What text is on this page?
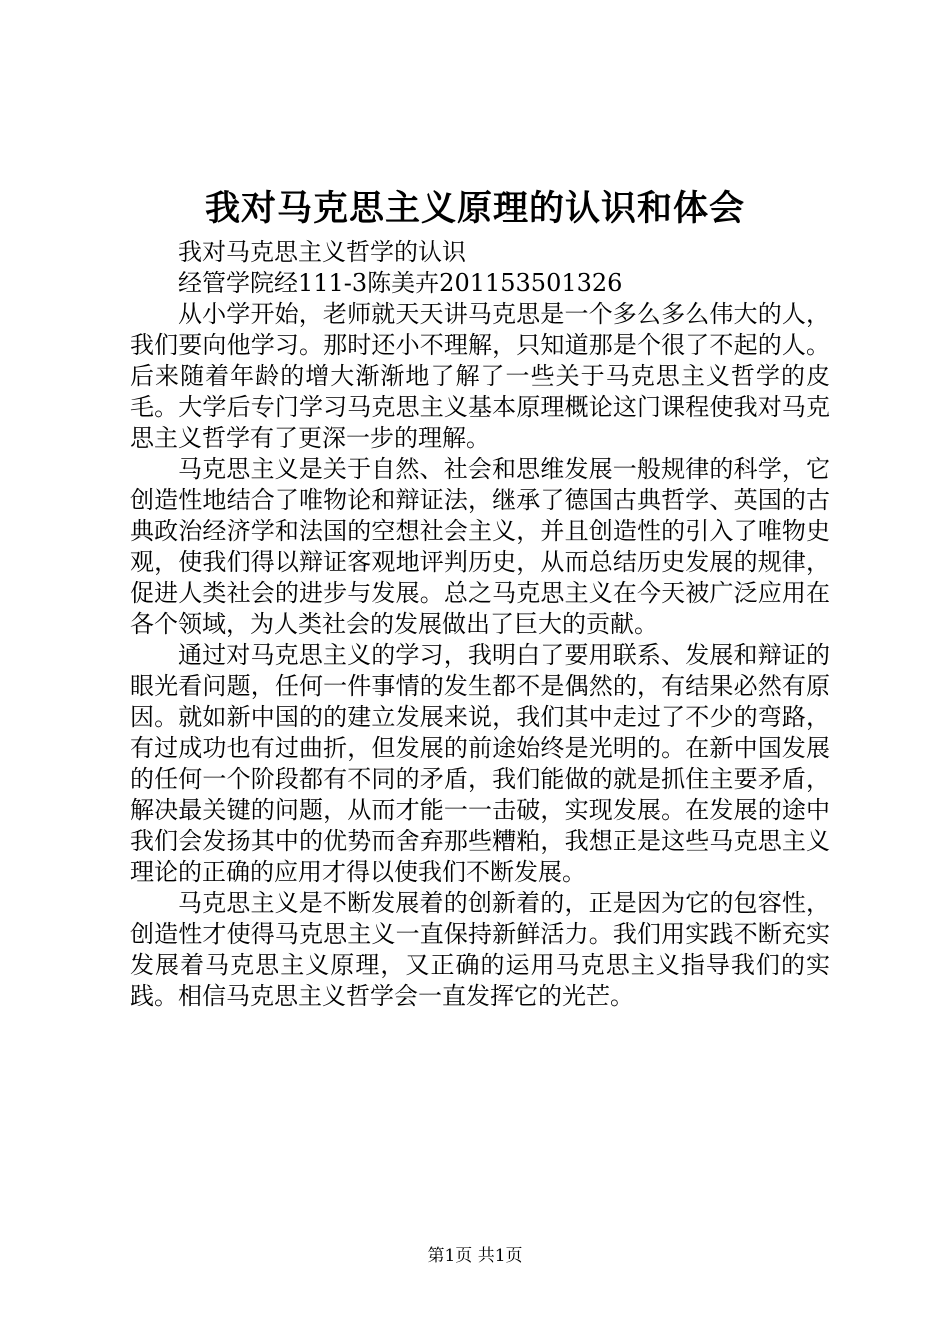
我对马克思主义原理的认识和体会

我对马克思主义哲学的认识

经管学院经111-3陈美卉201153501326

从小学开始，老师就天天讲马克思是一个多么多么伟大的人，我们要向他学习。那时还小不理解，只知道那是个很了不起的人。后来随着年龄的增大渐渐地了解了一些关于马克思主义哲学的皮毛。大学后专门学习马克思主义基本原理概论这门课程使我对马克思主义哲学有了更深一步的理解。

马克思主义是关于自然、社会和思维发展一般规律的科学，它创造性地结合了唯物论和辩证法，继承了德国古典哲学、英国的古典政治经济学和法国的空想社会主义，并且创造性的引入了唯物史观，使我们得以辩证客观地评判历史，从而总结历史发展的规律，促进人类社会的进步与发展。总之马克思主义在今天被广泛应用在各个领域，为人类社会的发展做出了巨大的贡献。

通过对马克思主义的学习，我明白了要用联系、发展和辩证的眼光看问题，任何一件事情的发生都不是偶然的，有结果必然有原因。就如新中国的的建立发展来说，我们其中走过了不少的弯路，有过成功也有过曲折，但发展的前途始终是光明的。在新中国发展的任何一个阶段都有不同的矛盾，我们能做的就是抓住主要矛盾，解决最关键的问题，从而才能一一击破，实现发展。在发展的途中我们会发扬其中的优势而舍弃那些糟粕，我想正是这些马克思主义理论的正确的应用才得以使我们不断发展。

马克思主义是不断发展着的创新着的，正是因为它的包容性，创造性才使得马克思主义一直保持新鲜活力。我们用实践不断充实发展着马克思主义原理，又正确的运用马克思主义指导我们的实践。相信马克思主义哲学会一直发挥它的光芒。

第1页 共1页
